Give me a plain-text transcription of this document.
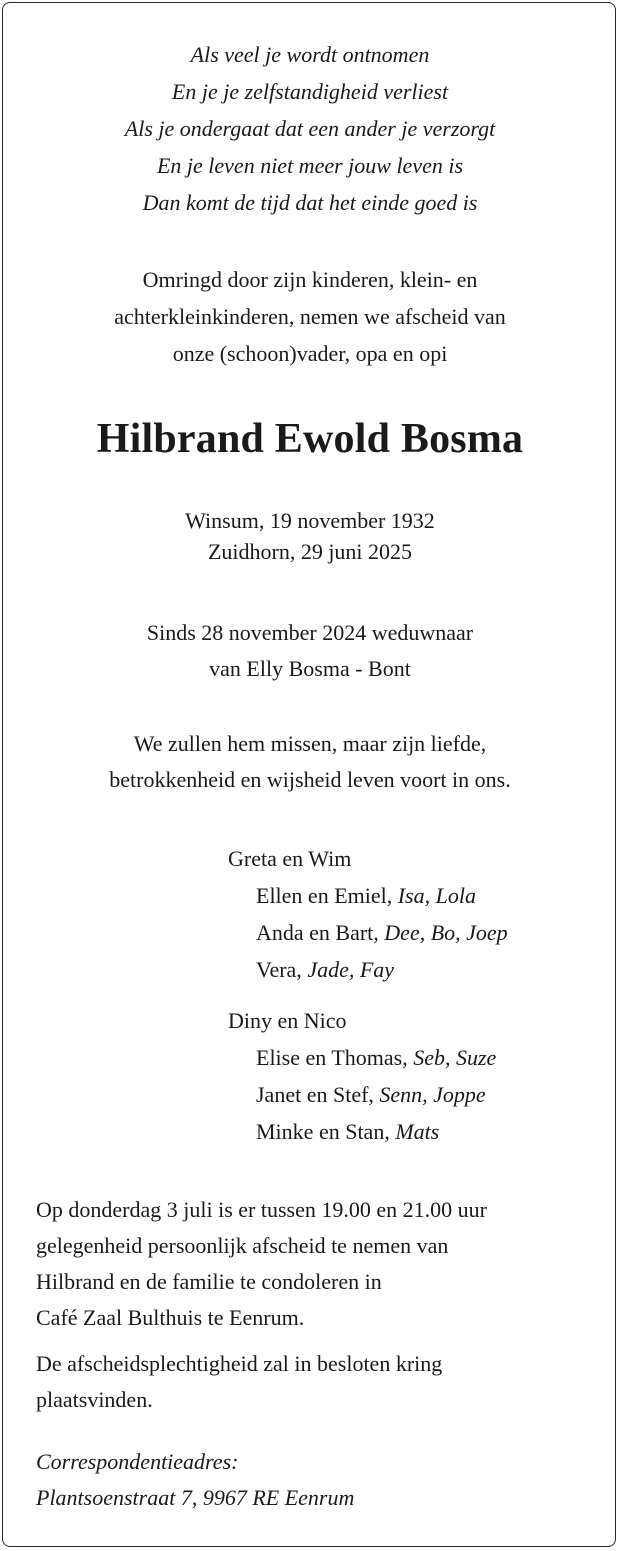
Als veel je wordt ontnomen
En je je zelfstandigheid verliest
Als je ondergaat dat een ander je verzorgt
En je leven niet meer jouw leven is
Dan komt de tijd dat het einde goed is
Omringd door zijn kinderen, klein- en
achterkleinkinderen, nemen we afscheid van
onze (schoon)vader, opa en opi
Hilbrand Ewold Bosma
Winsum, 19 november 1932
Zuidhorn, 29 juni 2025
Sinds 28 november 2024 weduwnaar
van Elly Bosma - Bont
We zullen hem missen, maar zijn liefde,
betrokkenheid en wijsheid leven voort in ons.
Greta en Wim
Ellen en Emiel, Isa, Lola
Anda en Bart, Dee, Bo, Joep
Vera, Jade, Fay
Diny en Nico
Elise en Thomas, Seb, Suze
Janet en Stef, Senn, Joppe
Minke en Stan, Mats
Op donderdag 3 juli is er tussen 19.00 en 21.00 uur
gelegenheid persoonlijk afscheid te nemen van
Hilbrand en de familie te condoleren in
Café Zaal Bulthuis te Eenrum.
De afscheidsplechtigheid zal in besloten kring
plaatsvinden.
Correspondentieadres:
Plantsoenstraat 7, 9967 RE Eenrum
